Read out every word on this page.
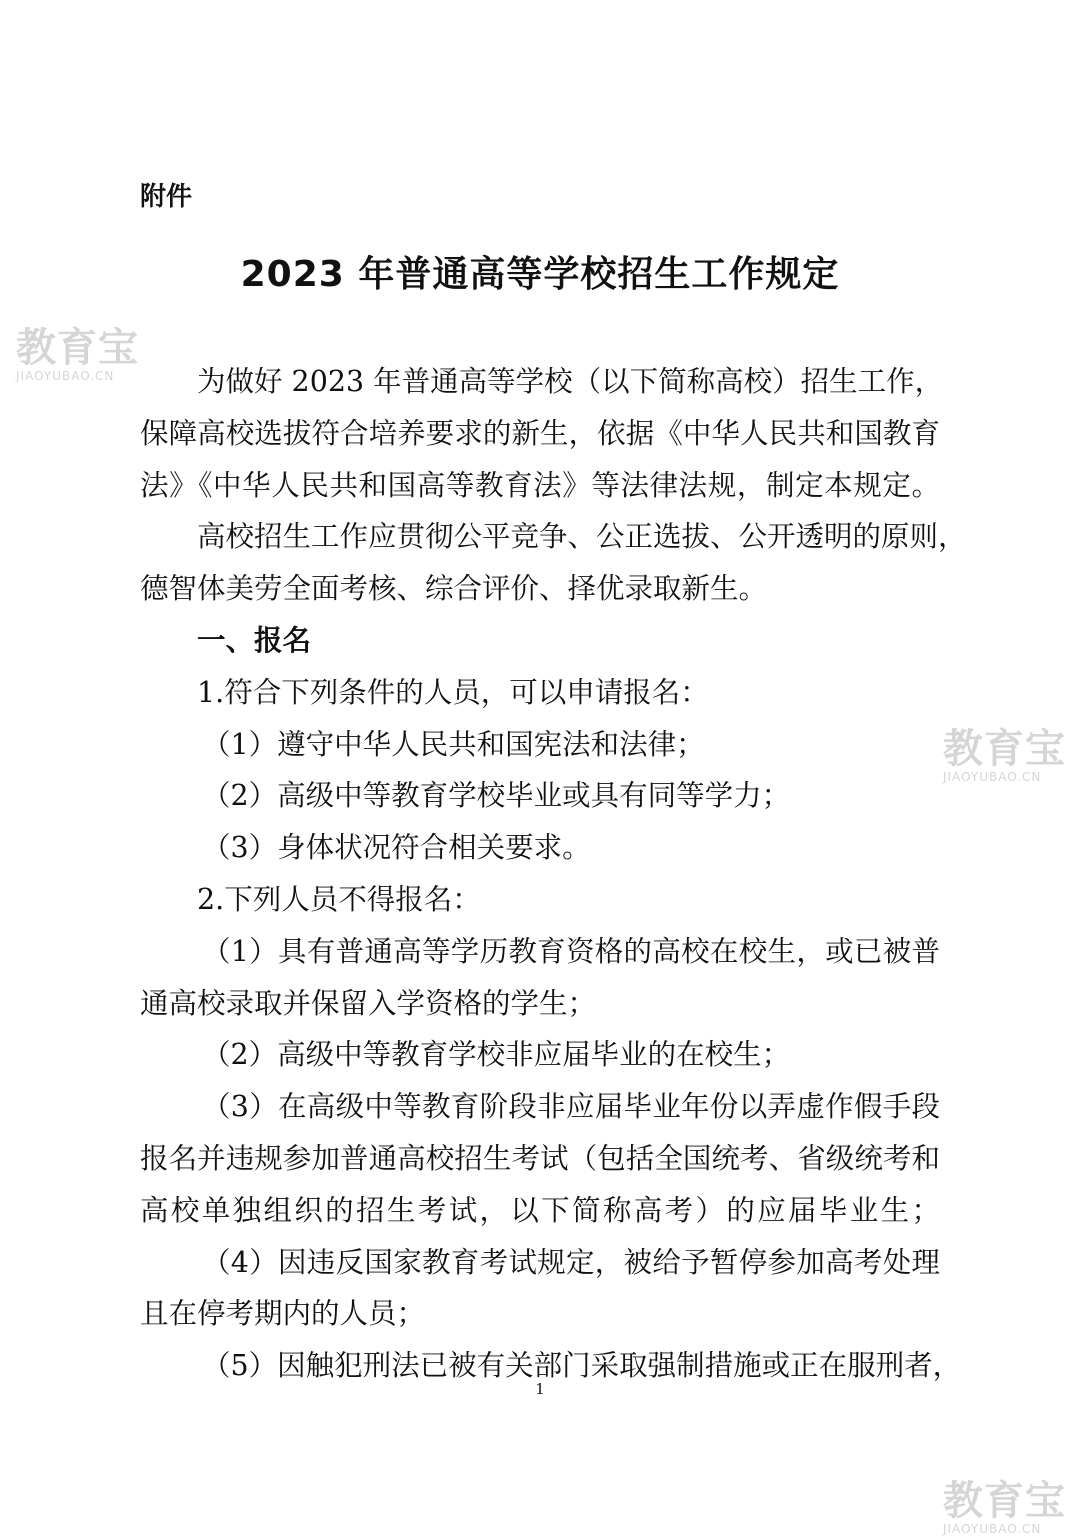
教育宝
JIAOYUBAO.CN
教育宝
JIAOYUBAO.CN
教育宝
JIAOYUBAO.CN
附件
2023 年普通高等学校招生工作规定
为做好 2023 年普通高等学校（以下简称高校）招生工作，
保障高校选拔符合培养要求的新生，依据《中华人民共和国教育
法》《中华人民共和国高等教育法》等法律法规，制定本规定。
高校招生工作应贯彻公平竞争、公正选拔、公开透明的原则，
德智体美劳全面考核、综合评价、择优录取新生。
一、报名
1.符合下列条件的人员，可以申请报名：
（1）遵守中华人民共和国宪法和法律；
（2）高级中等教育学校毕业或具有同等学力；
（3）身体状况符合相关要求。
2.下列人员不得报名：
（1）具有普通高等学历教育资格的高校在校生，或已被普
通高校录取并保留入学资格的学生；
（2）高级中等教育学校非应届毕业的在校生；
（3）在高级中等教育阶段非应届毕业年份以弄虚作假手段
报名并违规参加普通高校招生考试（包括全国统考、省级统考和
高校单独组织的招生考试，以下简称高考）的应届毕业生；
（4）因违反国家教育考试规定，被给予暂停参加高考处理
且在停考期内的人员；
（5）因触犯刑法已被有关部门采取强制措施或正在服刑者，
1
